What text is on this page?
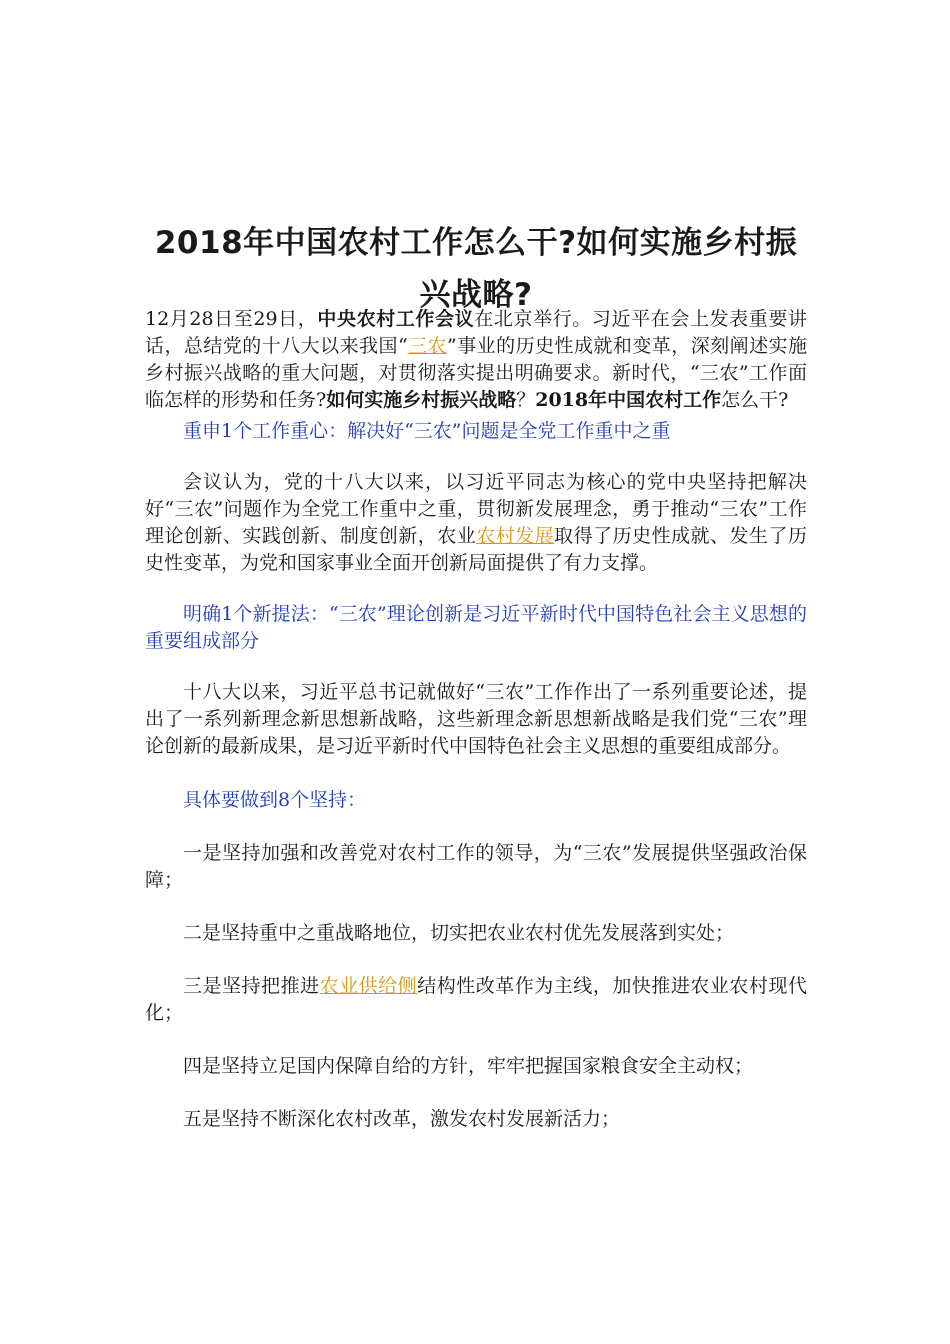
2018年中国农村工作怎么干?如何实施乡村振兴战略?

12月28日至29日，中央农村工作会议在北京举行。习近平在会上发表重要讲话，总结党的十八大以来我国“三农”事业的历史性成就和变革，深刻阐述实施乡村振兴战略的重大问题，对贯彻落实提出明确要求。新时代，“三农”工作面临怎样的形势和任务?如何实施乡村振兴战略？2018年中国农村工作怎么干?

重申1个工作重心：解决好“三农”问题是全党工作重中之重

会议认为，党的十八大以来，以习近平同志为核心的党中央坚持把解决好“三农”问题作为全党工作重中之重，贯彻新发展理念，勇于推动“三农”工作理论创新、实践创新、制度创新，农业农村发展取得了历史性成就、发生了历史性变革，为党和国家事业全面开创新局面提供了有力支撑。

明确1个新提法：“三农”理论创新是习近平新时代中国特色社会主义思想的重要组成部分

十八大以来，习近平总书记就做好“三农”工作作出了一系列重要论述，提出了一系列新理念新思想新战略，这些新理念新思想新战略是我们党“三农”理论创新的最新成果，是习近平新时代中国特色社会主义思想的重要组成部分。

具体要做到8个坚持：

一是坚持加强和改善党对农村工作的领导，为“三农”发展提供坚强政治保障；

二是坚持重中之重战略地位，切实把农业农村优先发展落到实处；

三是坚持把推进农业供给侧结构性改革作为主线，加快推进农业农村现代化；

四是坚持立足国内保障自给的方针，牢牢把握国家粮食安全主动权；

五是坚持不断深化农村改革，激发农村发展新活力；
